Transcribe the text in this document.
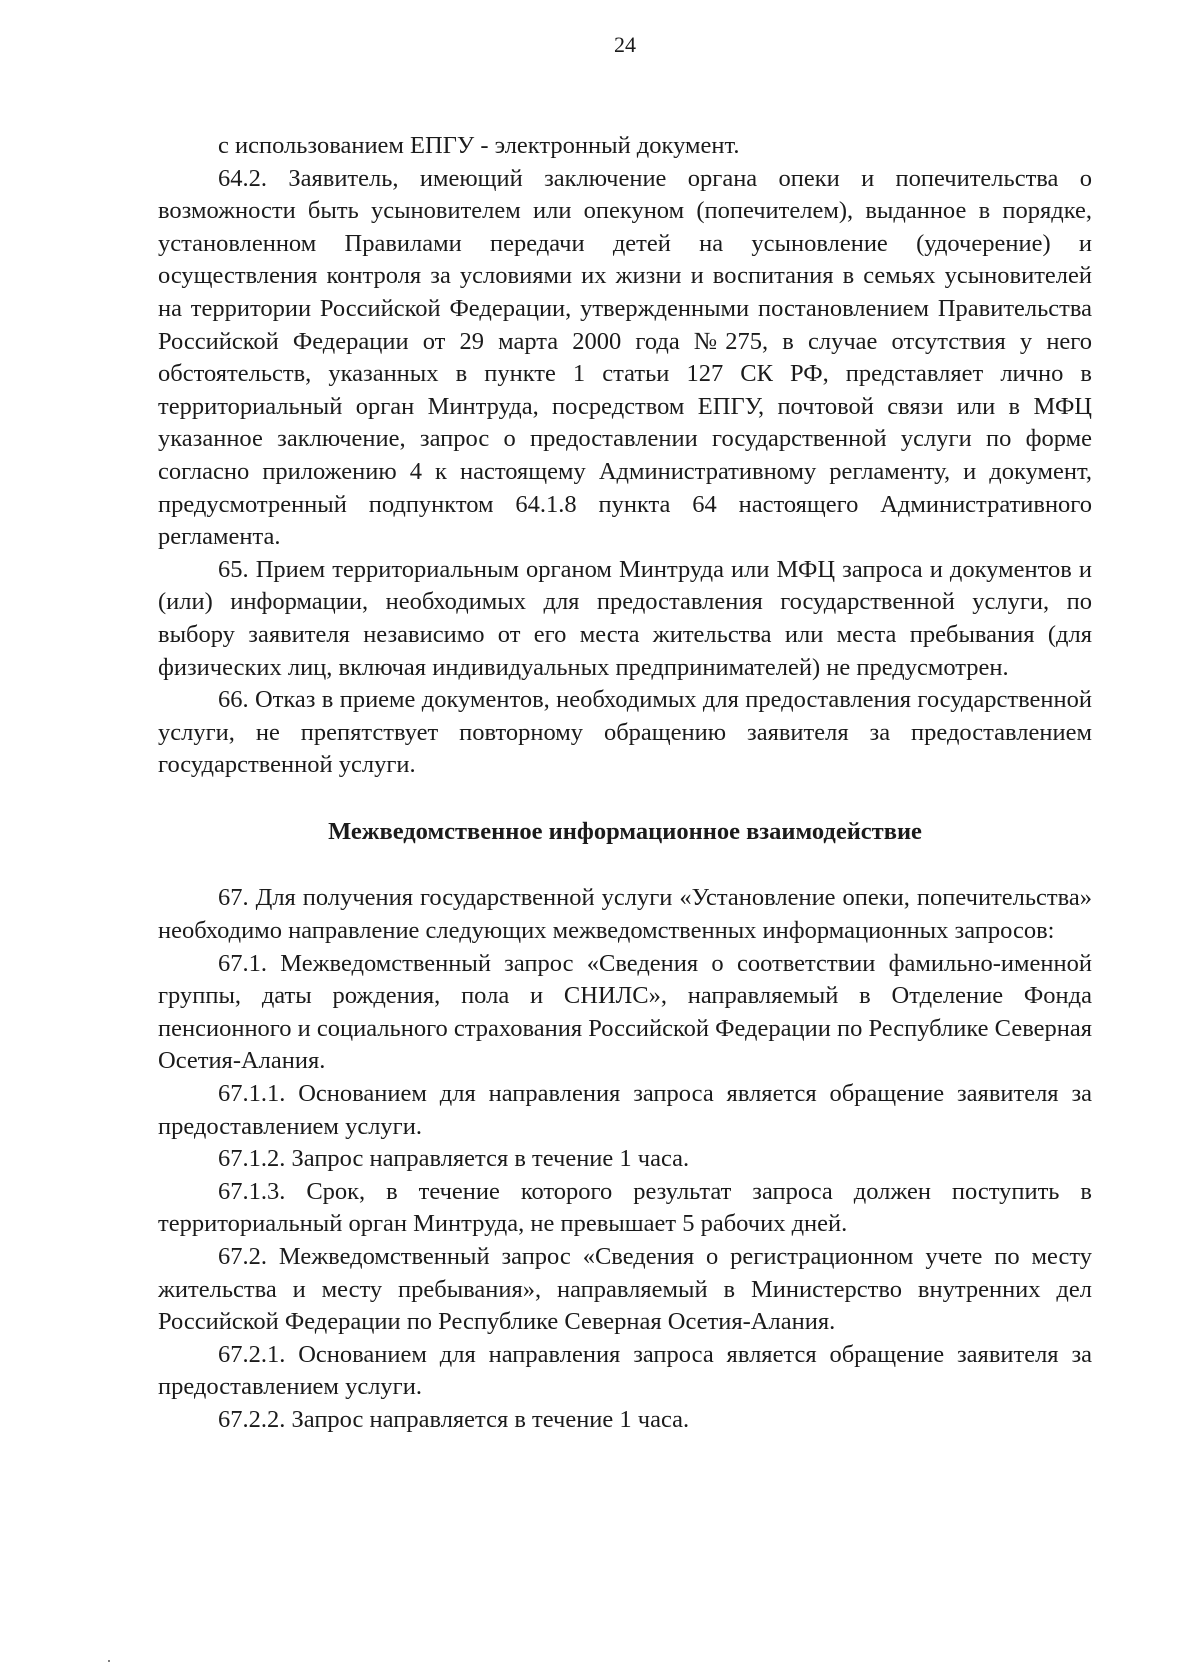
24

с использованием ЕПГУ - электронный документ.

64.2. Заявитель, имеющий заключение органа опеки и попечительства о возможности быть усыновителем или опекуном (попечителем), выданное в порядке, установленном Правилами передачи детей на усыновление (удочерение) и осуществления контроля за условиями их жизни и воспитания в семьях усыновителей на территории Российской Федерации, утвержденными постановлением Правительства Российской Федерации от 29 марта 2000 года №275, в случае отсутствия у него обстоятельств, указанных в пункте 1 статьи 127 СК РФ, представляет лично в территориальный орган Минтруда, посредством ЕПГУ, почтовой связи или в МФЦ указанное заключение, запрос о предоставлении государственной услуги по форме согласно приложению 4 к настоящему Административному регламенту, и документ, предусмотренный подпунктом 64.1.8 пункта 64 настоящего Административного регламента.

65. Прием территориальным органом Минтруда или МФЦ запроса и документов и (или) информации, необходимых для предоставления государственной услуги, по выбору заявителя независимо от его места жительства или места пребывания (для физических лиц, включая индивидуальных предпринимателей) не предусмотрен.

66. Отказ в приеме документов, необходимых для предоставления государственной услуги, не препятствует повторному обращению заявителя за предоставлением государственной услуги.

Межведомственное информационное взаимодействие

67. Для получения государственной услуги «Установление опеки, попечительства» необходимо направление следующих межведомственных информационных запросов:

67.1. Межведомственный запрос «Сведения о соответствии фамильно-именной группы, даты рождения, пола и СНИЛС», направляемый в Отделение Фонда пенсионного и социального страхования Российской Федерации по Республике Северная Осетия-Алания.

67.1.1. Основанием для направления запроса является обращение заявителя за предоставлением услуги.

67.1.2. Запрос направляется в течение 1 часа.

67.1.3. Срок, в течение которого результат запроса должен поступить в территориальный орган Минтруда, не превышает 5 рабочих дней.

67.2. Межведомственный запрос «Сведения о регистрационном учете по месту жительства и месту пребывания», направляемый в Министерство внутренних дел Российской Федерации по Республике Северная Осетия-Алания.

67.2.1. Основанием для направления запроса является обращение заявителя за предоставлением услуги.

67.2.2. Запрос направляется в течение 1 часа.
